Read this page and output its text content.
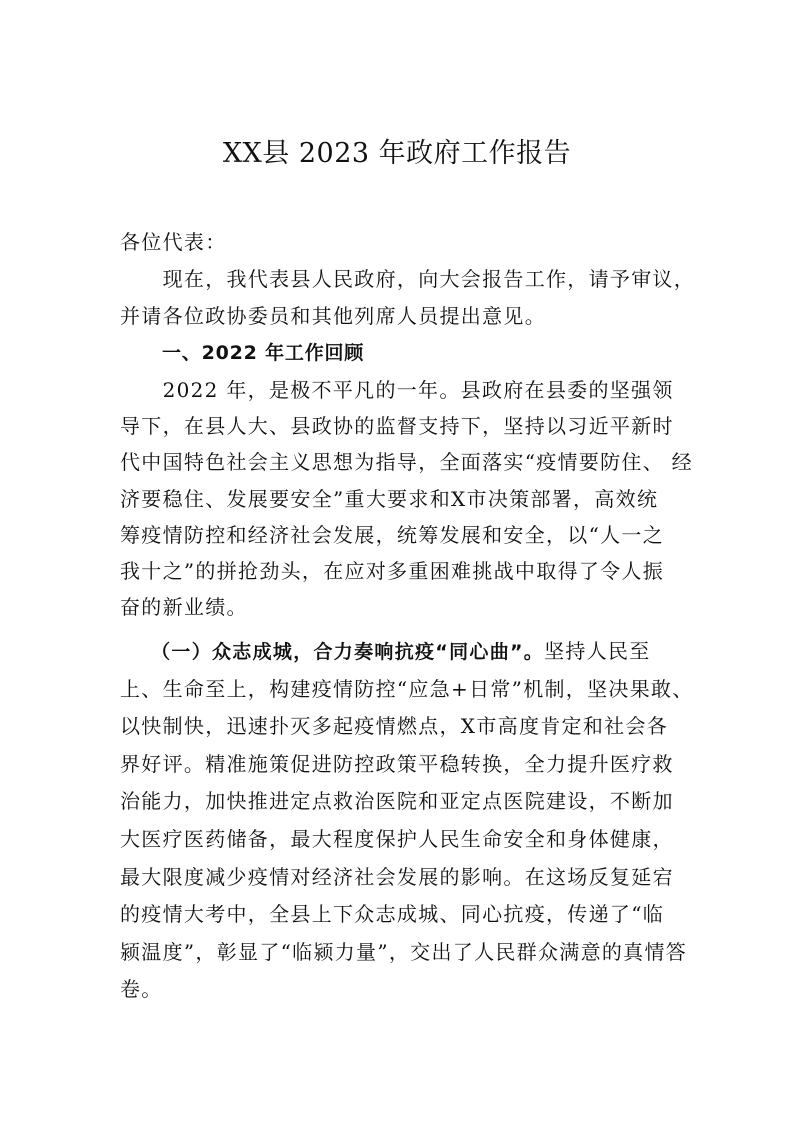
XX县 2023 年政府工作报告

各位代表：

　　现在，我代表县人民政府，向大会报告工作，请予审议，
并请各位政协委员和其他列席人员提出意见。

一、2022 年工作回顾

　　2022 年，是极不平凡的一年。县政府在县委的坚强领
导下，在县人大、县政协的监督支持下，坚持以习近平新时
代中国特色社会主义思想为指导，全面落实“疫情要防住、 经
济要稳住、发展要安全”重大要求和X市决策部署，高效统
筹疫情防控和经济社会发展，统筹发展和安全，以“人一之
我十之”的拼抢劲头，在应对多重困难挑战中取得了令人振
奋的新业绩。

　　（一）众志成城，合力奏响抗疫“同心曲”。坚持人民至
上、生命至上，构建疫情防控“应急+日常”机制，坚决果敢、
以快制快，迅速扑灭多起疫情燃点，X市高度肯定和社会各
界好评。精准施策促进防控政策平稳转换，全力提升医疗救
治能力，加快推进定点救治医院和亚定点医院建设，不断加
大医疗医药储备，最大程度保护人民生命安全和身体健康，
最大限度减少疫情对经济社会发展的影响。在这场反复延宕
的疫情大考中，全县上下众志成城、同心抗疫，传递了“临
颍温度”，彰显了“临颍力量”，交出了人民群众满意的真情答
卷。
